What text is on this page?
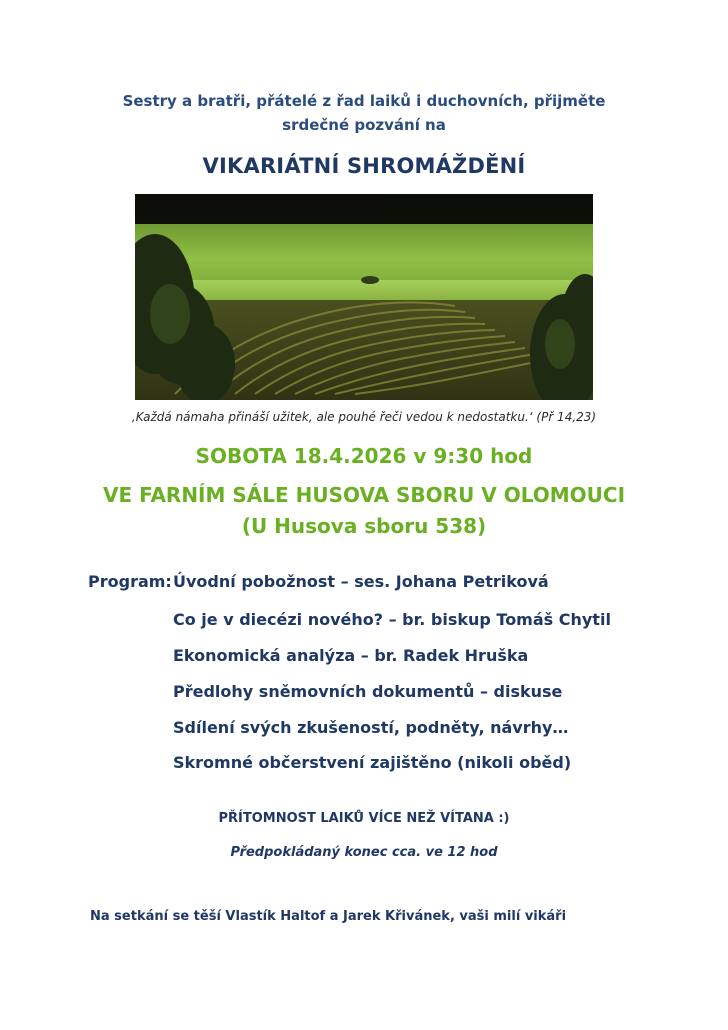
Sestry a bratři, přátelé z řad laiků i duchovních, přijměte
srdečné pozvání na
VIKARIÁTNÍ SHROMÁŽDĚNÍ
‚Každá námaha přináší užitek, ale pouhé řeči vedou k nedostatku.‘ (Př 14,23)
SOBOTA 18.4.2026 v 9:30 hod
VE FARNÍM SÁLE HUSOVA SBORU V OLOMOUCI
(U Husova sboru 538)
Program: Úvodní pobožnost – ses. Johana Petriková
Co je v diecézi nového? – br. biskup Tomáš Chytil
Ekonomická analýza – br. Radek Hruška
Předlohy sněmovních dokumentů – diskuse
Sdílení svých zkušeností, podněty, návrhy…
Skromné občerstvení zajištěno (nikoli oběd)
PŘÍTOMNOST LAIKŮ VÍCE NEŽ VÍTANA :)
Předpokládaný konec cca. ve 12 hod
Na setkání se těší Vlastík Haltof a Jarek Křivánek, vaši milí vikáři
